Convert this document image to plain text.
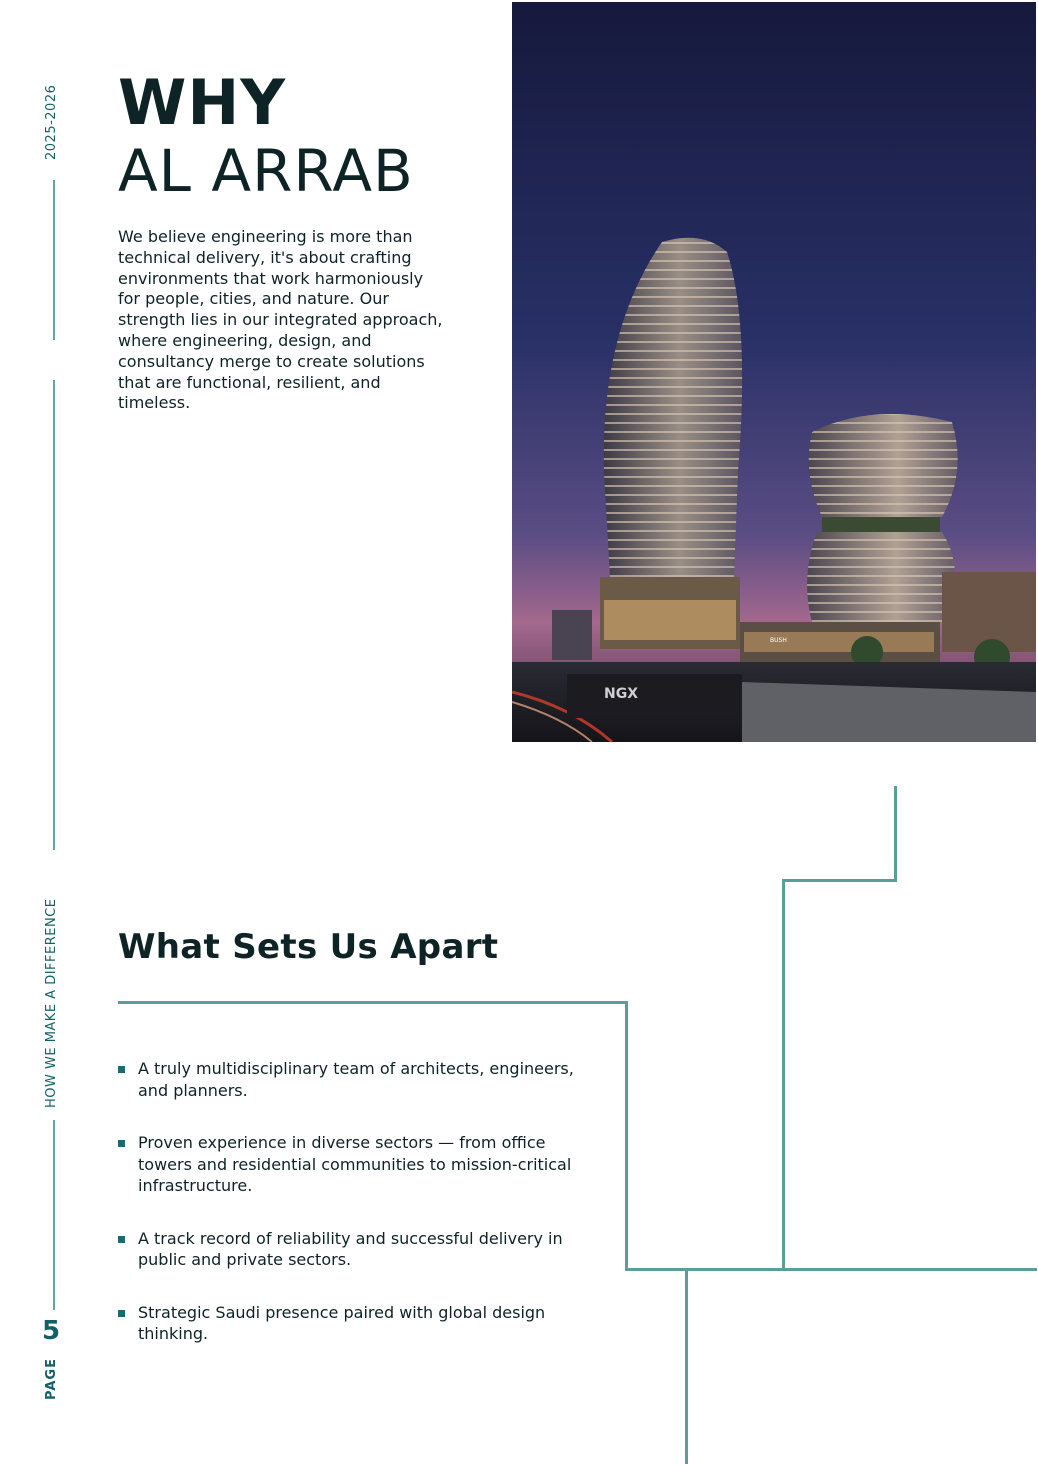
2025-2026
HOW WE MAKE A DIFFERENCE
5
PAGE
WHY
AL ARRAB

We believe engineering is more than technical delivery, it's about crafting environments that work harmoniously for people, cities, and nature. Our strength lies in our integrated approach, where engineering, design, and consultancy merge to create solutions that are functional, resilient, and timeless.

NGX
BUSH
What Sets Us Apart
A truly multidisciplinary team of architects, engineers, and planners.
Proven experience in diverse sectors — from office towers and residential communities to mission-critical infrastructure.
A track record of reliability and successful delivery in public and private sectors.
Strategic Saudi presence paired with global design thinking.
